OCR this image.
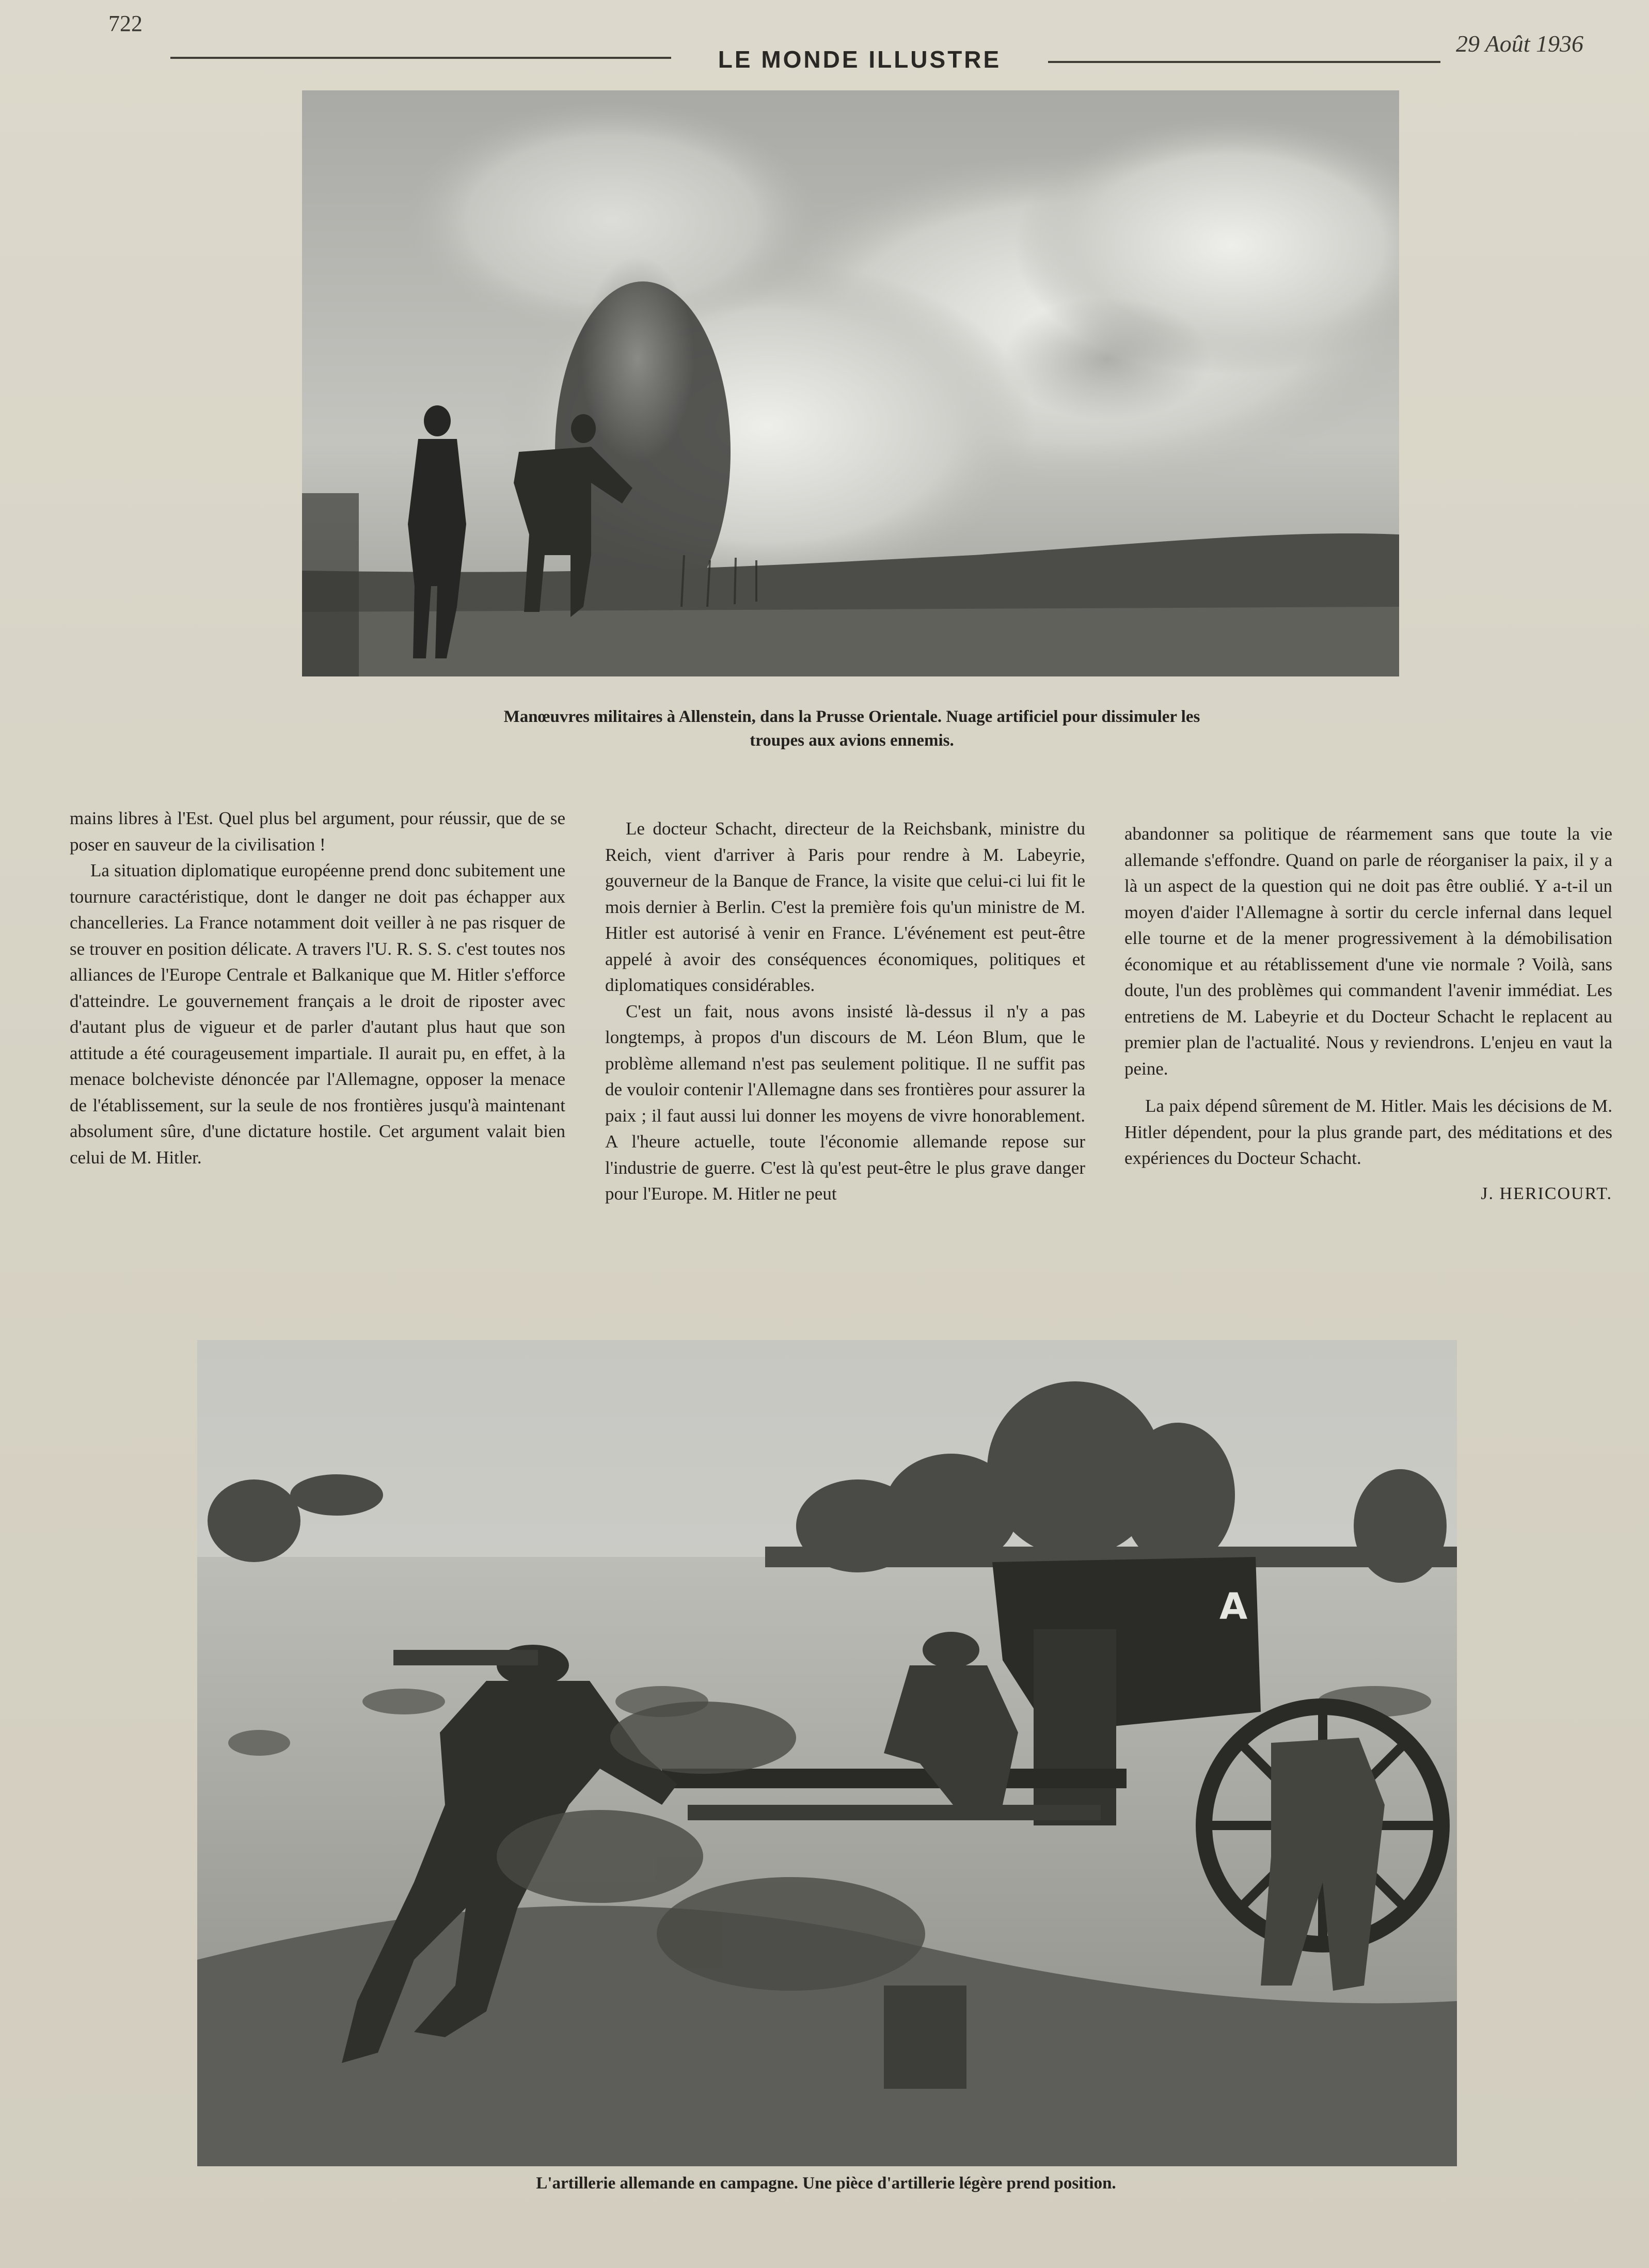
722
LE MONDE ILLUSTRE
29 Août 1936
Manœuvres militaires à Allenstein, dans la Prusse Orientale. Nuage artificiel pour dissimuler les
troupes aux avions ennemis.

mains libres à l'Est. Quel plus bel argument, pour réussir, que de se poser en sauveur de la civilisation !

La situation diplomatique européenne prend donc subitement une tournure caractéristique, dont le danger ne doit pas échapper aux chancelleries. La France notamment doit veiller à ne pas risquer de se trouver en position délicate. A travers l'U. R. S. S. c'est toutes nos alliances de l'Europe Centrale et Balkanique que M. Hitler s'efforce d'atteindre. Le gouvernement français a le droit de riposter avec d'autant plus de vigueur et de parler d'autant plus haut que son attitude a été courageusement impartiale. Il aurait pu, en effet, à la menace bolcheviste dénoncée par l'Allemagne, opposer la menace de l'établissement, sur la seule de nos frontières jusqu'à maintenant absolument sûre, d'une dictature hostile. Cet argument valait bien celui de M. Hitler.

Le docteur Schacht, directeur de la Reichsbank, ministre du Reich, vient d'arriver à Paris pour rendre à M. Labeyrie, gouverneur de la Banque de France, la visite que celui-ci lui fit le mois dernier à Berlin. C'est la première fois qu'un ministre de M. Hitler est autorisé à venir en France. L'événement est peut-être appelé à avoir des conséquences économiques, politiques et diplomatiques considérables.

C'est un fait, nous avons insisté là-dessus il n'y a pas longtemps, à propos d'un discours de M. Léon Blum, que le problème allemand n'est pas seulement politique. Il ne suffit pas de vouloir contenir l'Allemagne dans ses frontières pour assurer la paix ; il faut aussi lui donner les moyens de vivre honorablement. A l'heure actuelle, toute l'économie allemande repose sur l'industrie de guerre. C'est là qu'est peut-être le plus grave danger pour l'Europe. M. Hitler ne peut

abandonner sa politique de réarmement sans que toute la vie allemande s'effondre. Quand on parle de réorganiser la paix, il y a là un aspect de la question qui ne doit pas être oublié. Y a-t-il un moyen d'aider l'Allemagne à sortir du cercle infernal dans lequel elle tourne et de la mener progressivement à la démobilisation économique et au rétablissement d'une vie normale ? Voilà, sans doute, l'un des problèmes qui commandent l'avenir immédiat. Les entretiens de M. Labeyrie et du Docteur Schacht le replacent au premier plan de l'actualité. Nous y reviendrons. L'enjeu en vaut la peine.

La paix dépend sûrement de M. Hitler. Mais les décisions de M. Hitler dépendent, pour la plus grande part, des méditations et des expériences du Docteur Schacht.

J. HERICOURT.

A
L'artillerie allemande en campagne. Une pièce d'artillerie légère prend position.
